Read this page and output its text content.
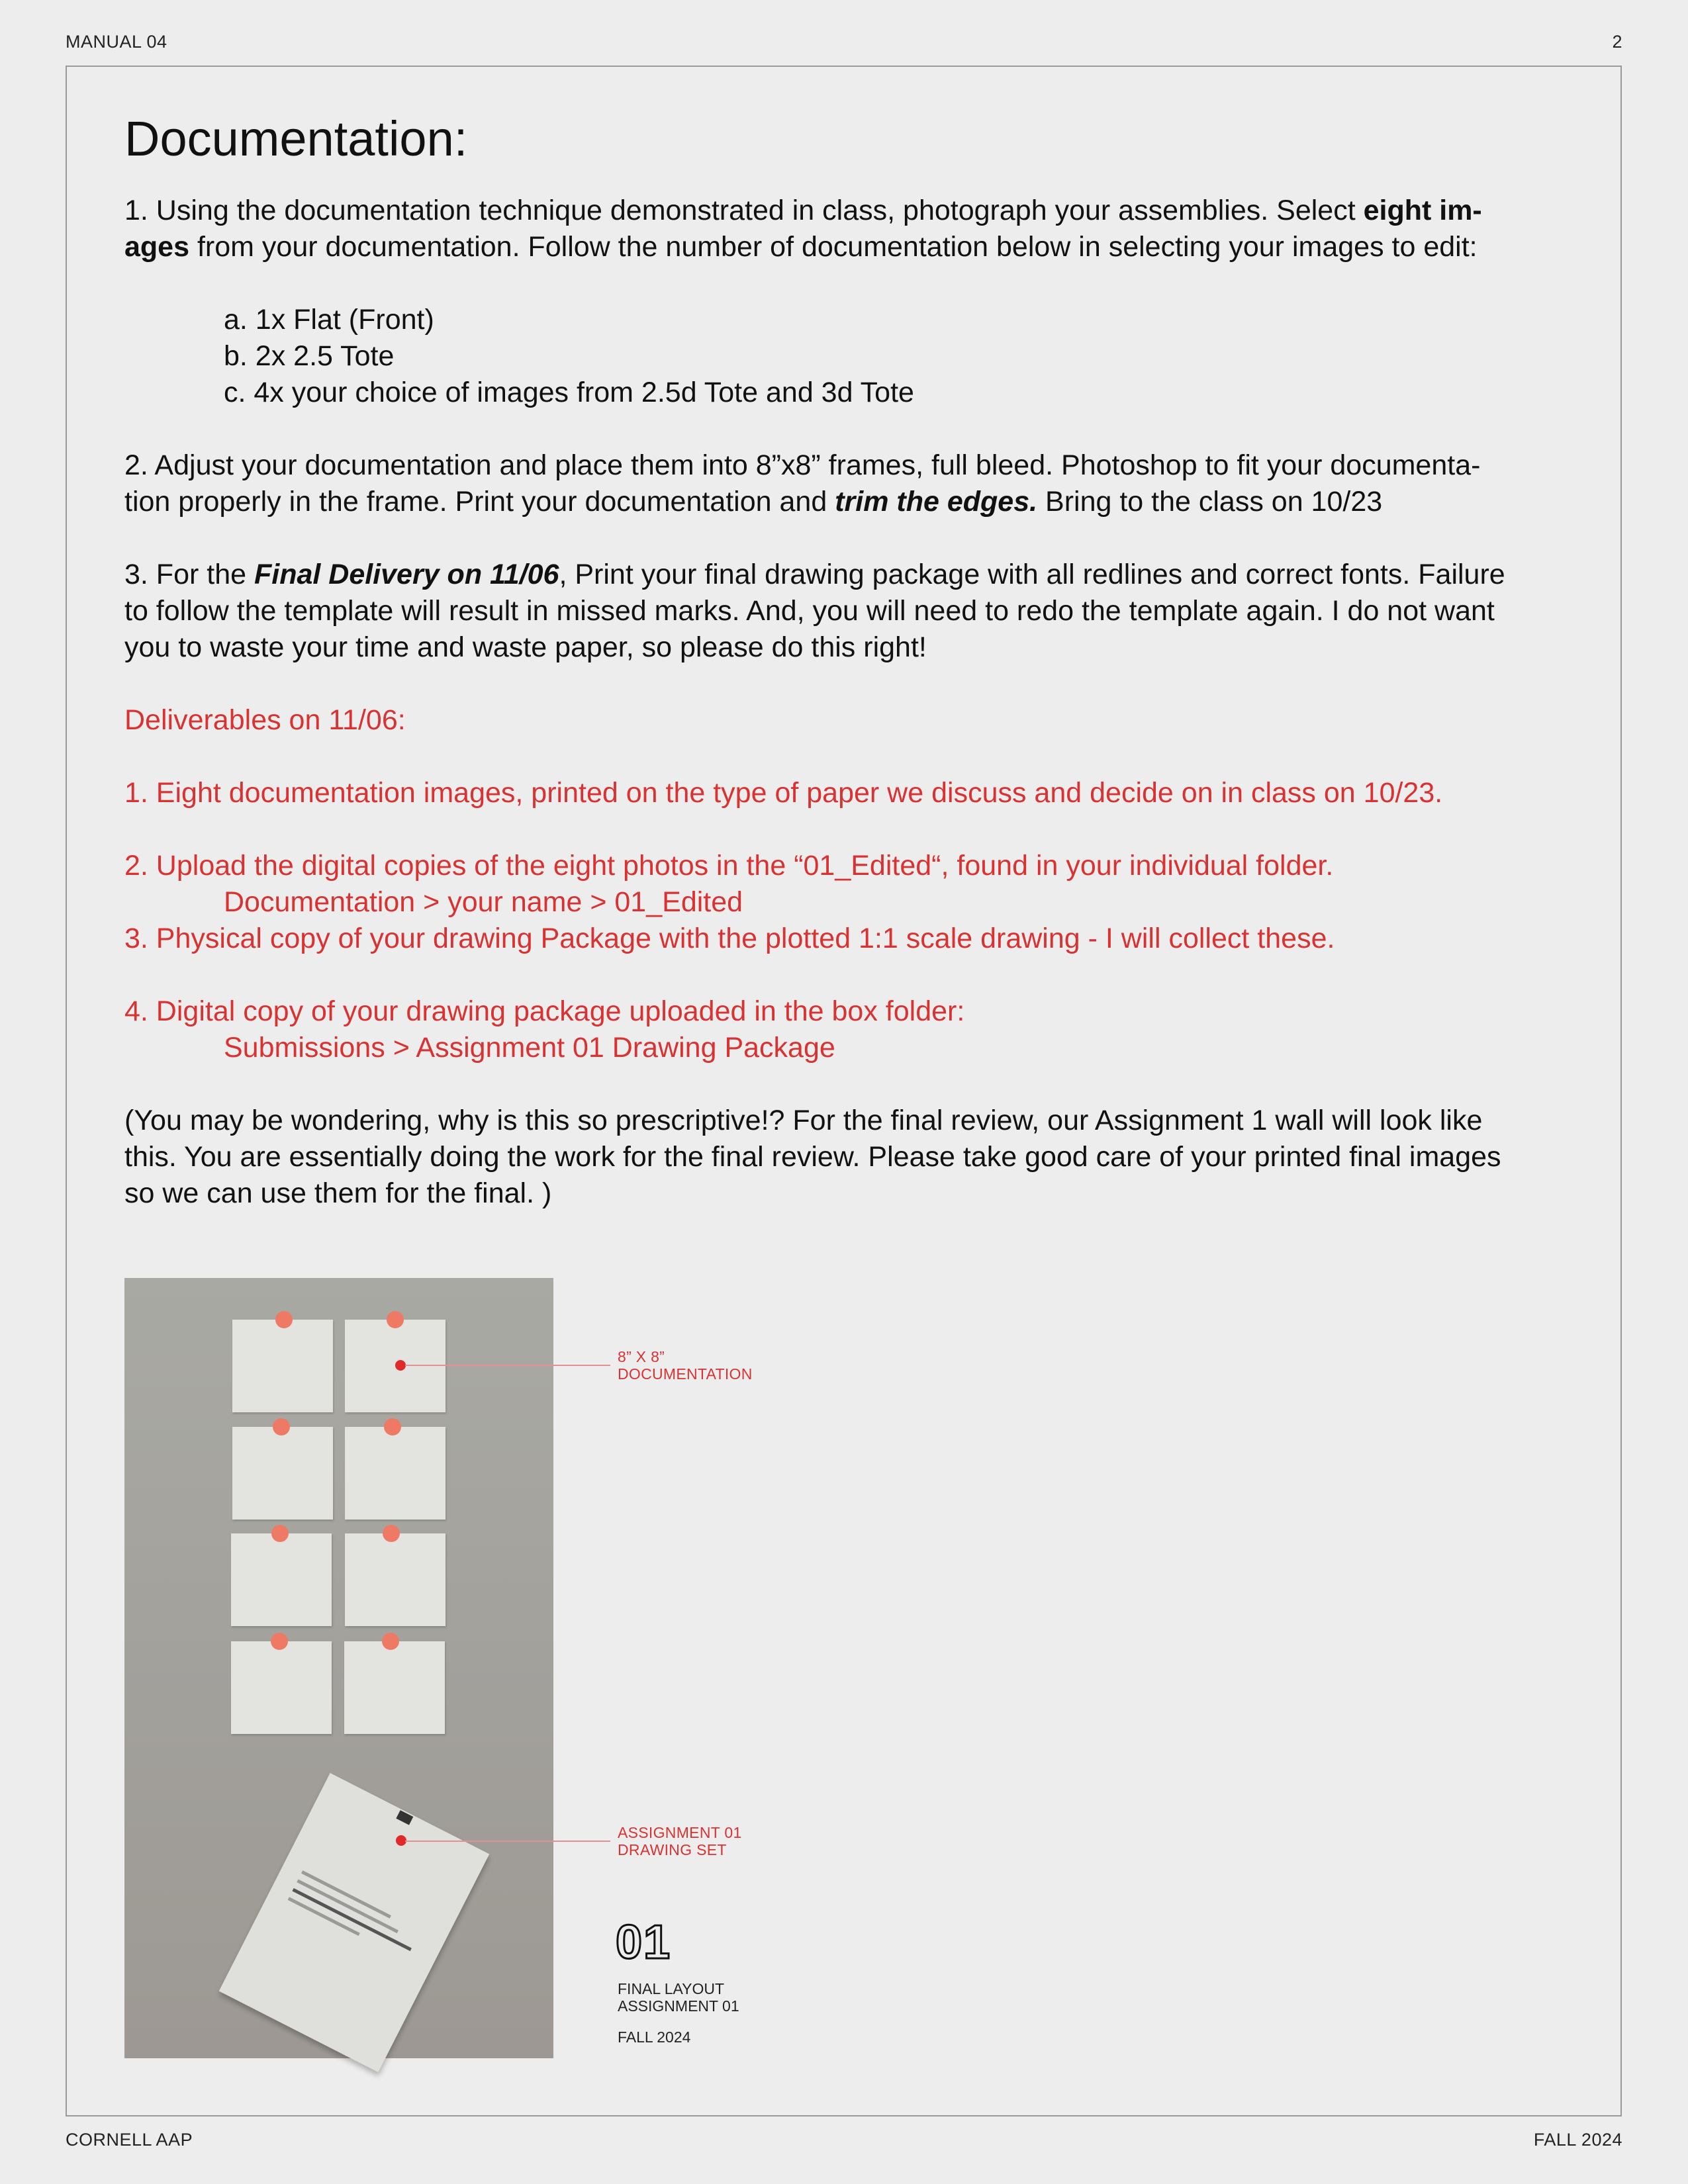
MANUAL 04	2
Documentation:

1. Using the documentation technique demonstrated in class, photograph your assemblies. Select eight im-
ages from your documentation. Follow the number of documentation below in selecting your images to edit:

a. 1x Flat (Front)

b. 2x 2.5 Tote

c. 4x your choice of images from 2.5d Tote and 3d Tote

2. Adjust your documentation and place them into 8”x8” frames, full bleed. Photoshop to fit your documenta-
tion properly in the frame. Print your documentation and trim the edges. Bring to the class on 10/23

3. For the Final Delivery on 11/06, Print your final drawing package with all redlines and correct fonts. Failure
to follow the template will result in missed marks. And, you will need to redo the template again. I do not want
you to waste your time and waste paper, so please do this right!

Deliverables on 11/06:

1. Eight documentation images, printed on the type of paper we discuss and decide on in class on 10/23.

2. Upload the digital copies of the eight photos in the “01_Edited“, found in your individual folder.

Documentation > your name > 01_Edited

3. Physical copy of your drawing Package with the plotted 1:1 scale drawing - I will collect these.

4. Digital copy of your drawing package uploaded in the box folder:

Submissions > Assignment 01 Drawing Package

(You may be wondering, why is this so prescriptive!? For the final review, our Assignment 1 wall will look like
this. You are essentially doing the work for the final review. Please take good care of your printed final images
so we can use them for the final. )

8” X 8”
DOCUMENTATION
ASSIGNMENT 01
DRAWING SET
01
FINAL LAYOUT
ASSIGNMENT 01
FALL 2024
CORNELL AAP	FALL 2024
